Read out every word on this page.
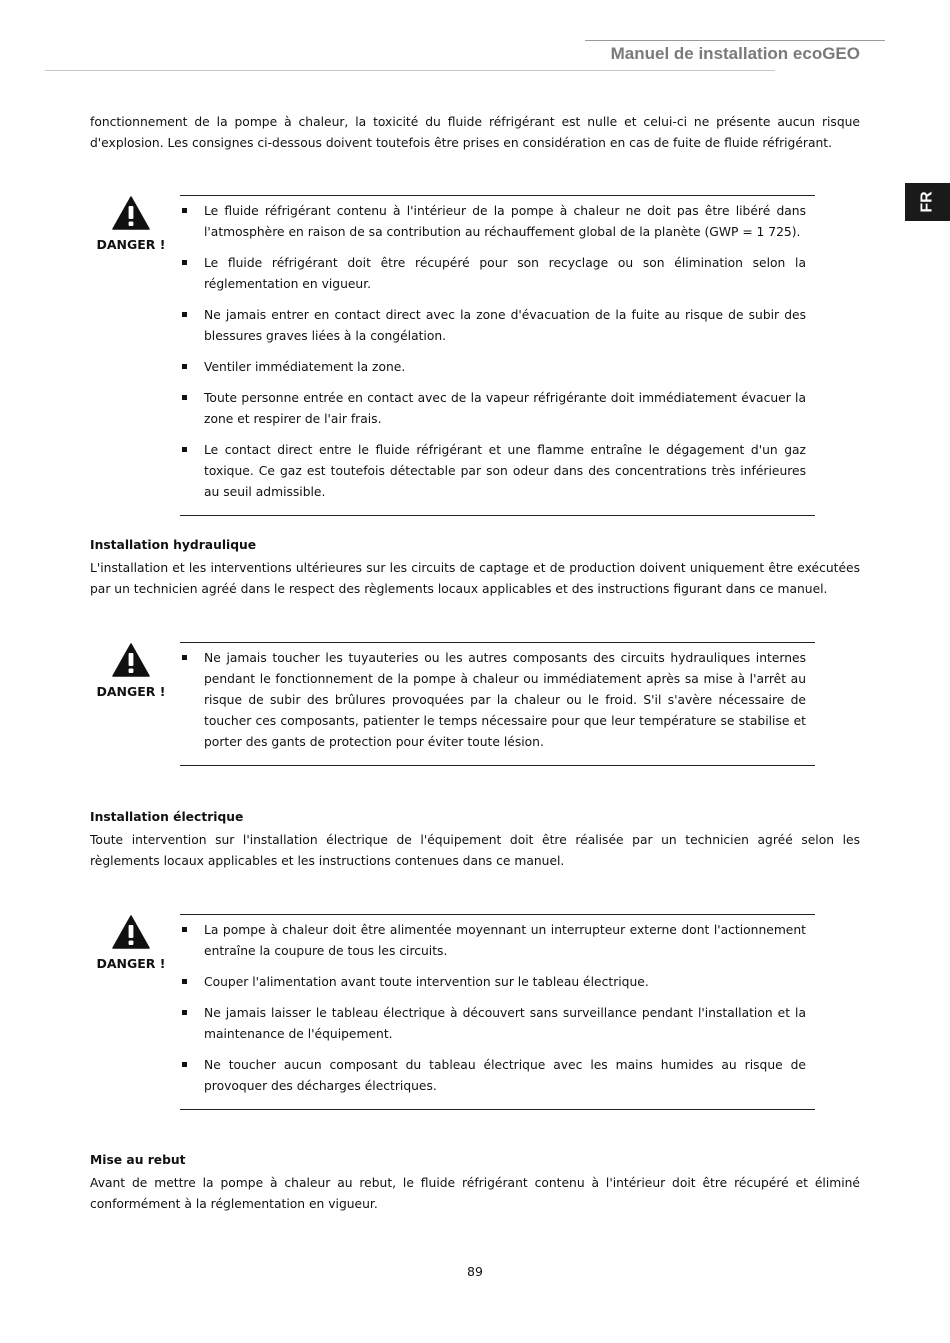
Manuel de installation ecoGEO
FR

fonctionnement de la pompe à chaleur, la toxicité du fluide réfrigérant est nulle et celui-ci ne présente aucun risque d'explosion. Les consignes ci-dessous doivent toutefois être prises en considération en cas de fuite de fluide réfrigérant.

DANGER !
Le fluide réfrigérant contenu à l'intérieur de la pompe à chaleur ne doit pas être libéré dans l'atmosphère en raison de sa contribution au réchauffement global de la planète (GWP = 1 725).
Le fluide réfrigérant doit être récupéré pour son recyclage ou son élimination selon la réglementation en vigueur.
Ne jamais entrer en contact direct avec la zone d'évacuation de la fuite au risque de subir des blessures graves liées à la congélation.
Ventiler immédiatement la zone.
Toute personne entrée en contact avec de la vapeur réfrigérante doit immédiatement évacuer la zone et respirer de l'air frais.
Le contact direct entre le fluide réfrigérant et une flamme entraîne le dégagement d'un gaz toxique. Ce gaz est toutefois détectable par son odeur dans des concentrations très inférieures au seuil admissible.

Installation hydraulique

L'installation et les interventions ultérieures sur les circuits de captage et de production doivent uniquement être exécutées par un technicien agréé dans le respect des règlements locaux applicables et des instructions figurant dans ce manuel.

DANGER !
Ne jamais toucher les tuyauteries ou les autres composants des circuits hydrauliques internes pendant le fonctionnement de la pompe à chaleur ou immédiatement après sa mise à l'arrêt au risque de subir des brûlures provoquées par la chaleur ou le froid. S'il s'avère nécessaire de toucher ces composants, patienter le temps nécessaire pour que leur température se stabilise et porter des gants de protection pour éviter toute lésion.

Installation électrique

Toute intervention sur l'installation électrique de l'équipement doit être réalisée par un technicien agréé selon les règlements locaux applicables et les instructions contenues dans ce manuel.

DANGER !
La pompe à chaleur doit être alimentée moyennant un interrupteur externe dont l'actionnement entraîne la coupure de tous les circuits.
Couper l'alimentation avant toute intervention sur le tableau électrique.
Ne jamais laisser le tableau électrique à découvert sans surveillance pendant l'installation et la maintenance de l'équipement.
Ne toucher aucun composant du tableau électrique avec les mains humides au risque de provoquer des décharges électriques.

Mise au rebut

Avant de mettre la pompe à chaleur au rebut, le fluide réfrigérant contenu à l'intérieur doit être récupéré et éliminé conformément à la réglementation en vigueur.

89
